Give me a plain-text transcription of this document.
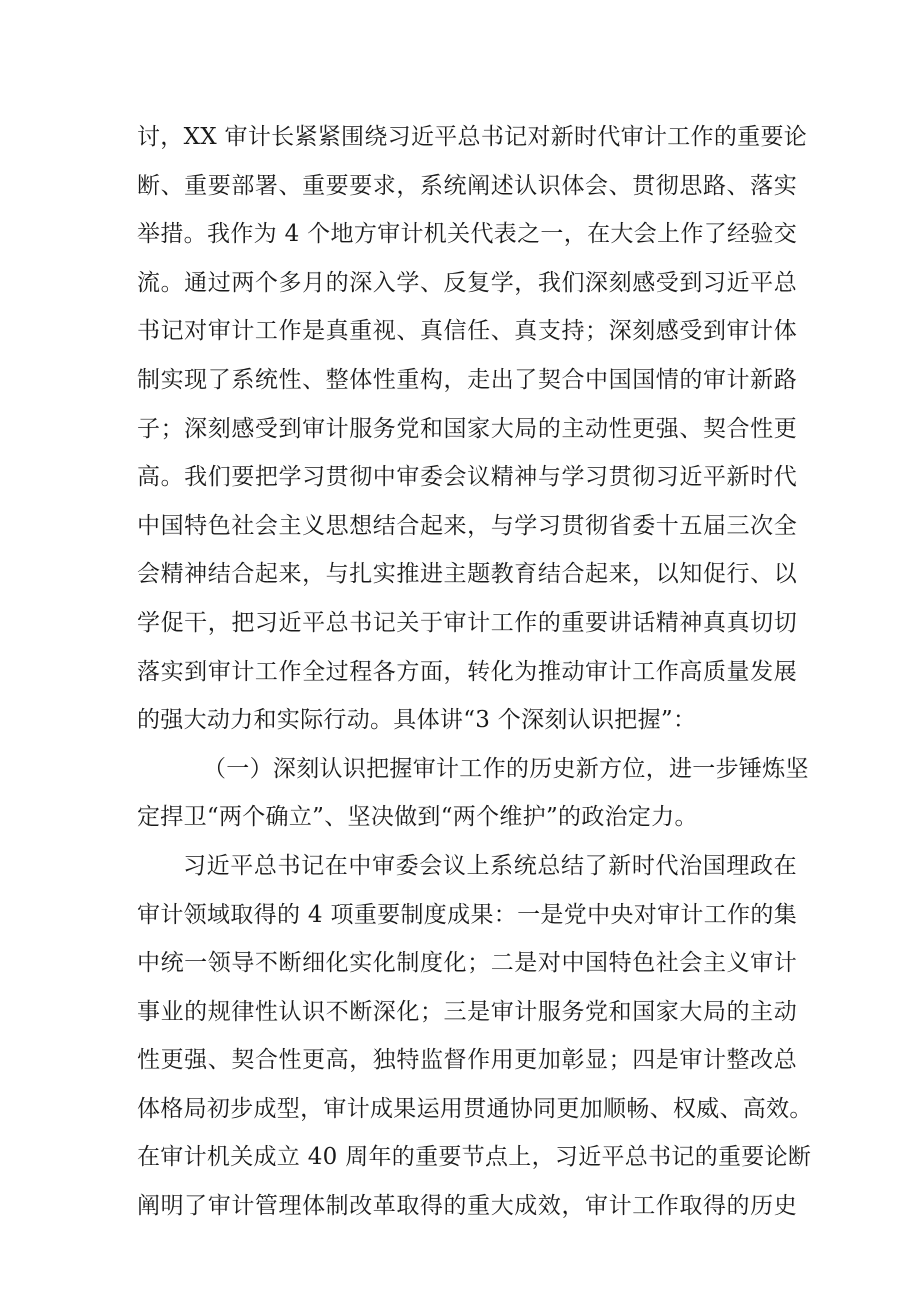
讨，XX 审计长紧紧围绕习近平总书记对新时代审计工作的重要论
断、重要部署、重要要求，系统阐述认识体会、贯彻思路、落实
举措。我作为 4 个地方审计机关代表之一，在大会上作了经验交
流。通过两个多月的深入学、反复学，我们深刻感受到习近平总
书记对审计工作是真重视、真信任、真支持；深刻感受到审计体
制实现了系统性、整体性重构，走出了契合中国国情的审计新路
子；深刻感受到审计服务党和国家大局的主动性更强、契合性更
高。我们要把学习贯彻中审委会议精神与学习贯彻习近平新时代
中国特色社会主义思想结合起来，与学习贯彻省委十五届三次全
会精神结合起来，与扎实推进主题教育结合起来，以知促行、以
学促干，把习近平总书记关于审计工作的重要讲话精神真真切切
落实到审计工作全过程各方面，转化为推动审计工作高质量发展
的强大动力和实际行动。具体讲“3 个深刻认识把握”：
（一）深刻认识把握审计工作的历史新方位，进一步锤炼坚
定捍卫“两个确立”、坚决做到“两个维护”的政治定力。
习近平总书记在中审委会议上系统总结了新时代治国理政在
审计领域取得的 4 项重要制度成果：一是党中央对审计工作的集
中统一领导不断细化实化制度化；二是对中国特色社会主义审计
事业的规律性认识不断深化；三是审计服务党和国家大局的主动
性更强、契合性更高，独特监督作用更加彰显；四是审计整改总
体格局初步成型，审计成果运用贯通协同更加顺畅、权威、高效。
在审计机关成立 40 周年的重要节点上，习近平总书记的重要论断
阐明了审计管理体制改革取得的重大成效，审计工作取得的历史
